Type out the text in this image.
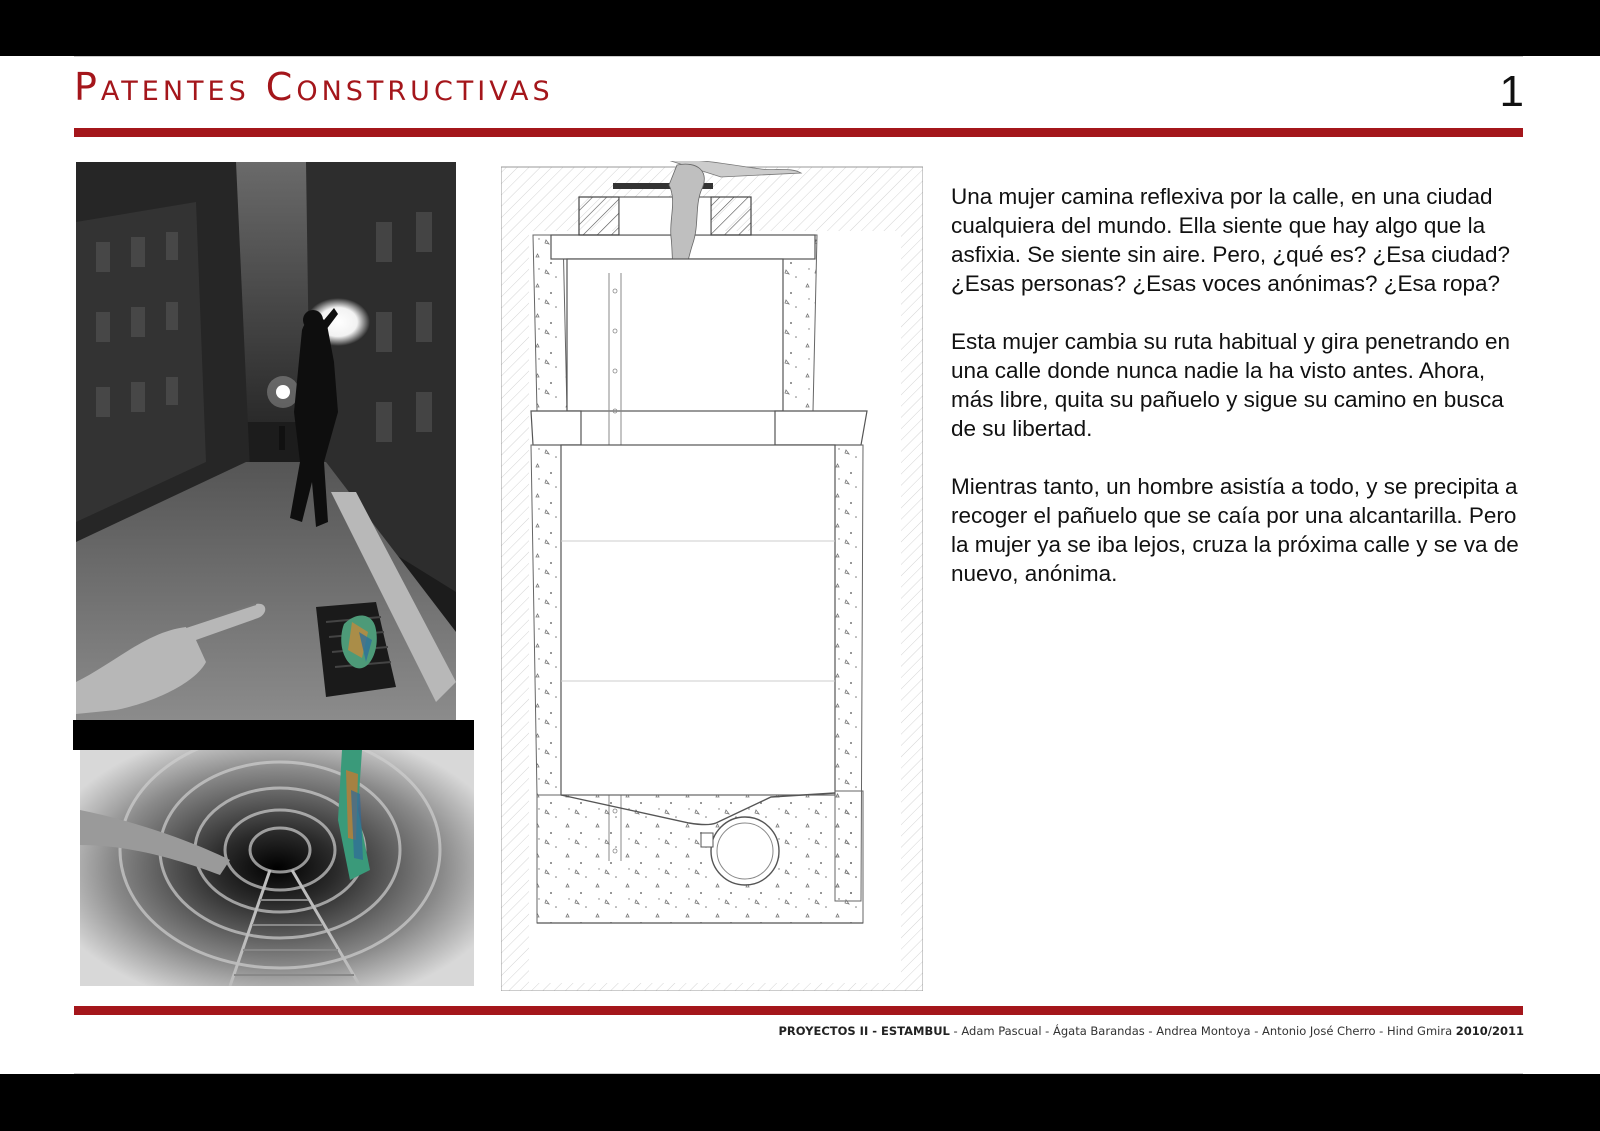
Patentes Constructivas	1

Una mujer camina reflexiva por la calle, en una ciudad cualquiera del mundo. Ella siente que hay algo que la asfixia. Se siente sin aire. Pero, ¿qué es? ¿Esa ciudad? ¿Esas personas? ¿Esas voces anónimas? ¿Esa ropa?

Esta mujer cambia su ruta habitual y gira penetrando en una calle donde nunca nadie la ha visto antes. Ahora, más libre, quita su pañuelo y sigue su camino en busca de su libertad.

Mientras tanto, un hombre asistía a todo, y se precipita a recoger el pañuelo que se caía por una alcantarilla. Pero la mujer ya se iba lejos, cruza la próxima calle y se va de nuevo, anónima.

PROYECTOS II - ESTAMBUL - Adam Pascual - Ágata Barandas - Andrea Montoya - Antonio José Cherro - Hind Gmira 2010/2011
